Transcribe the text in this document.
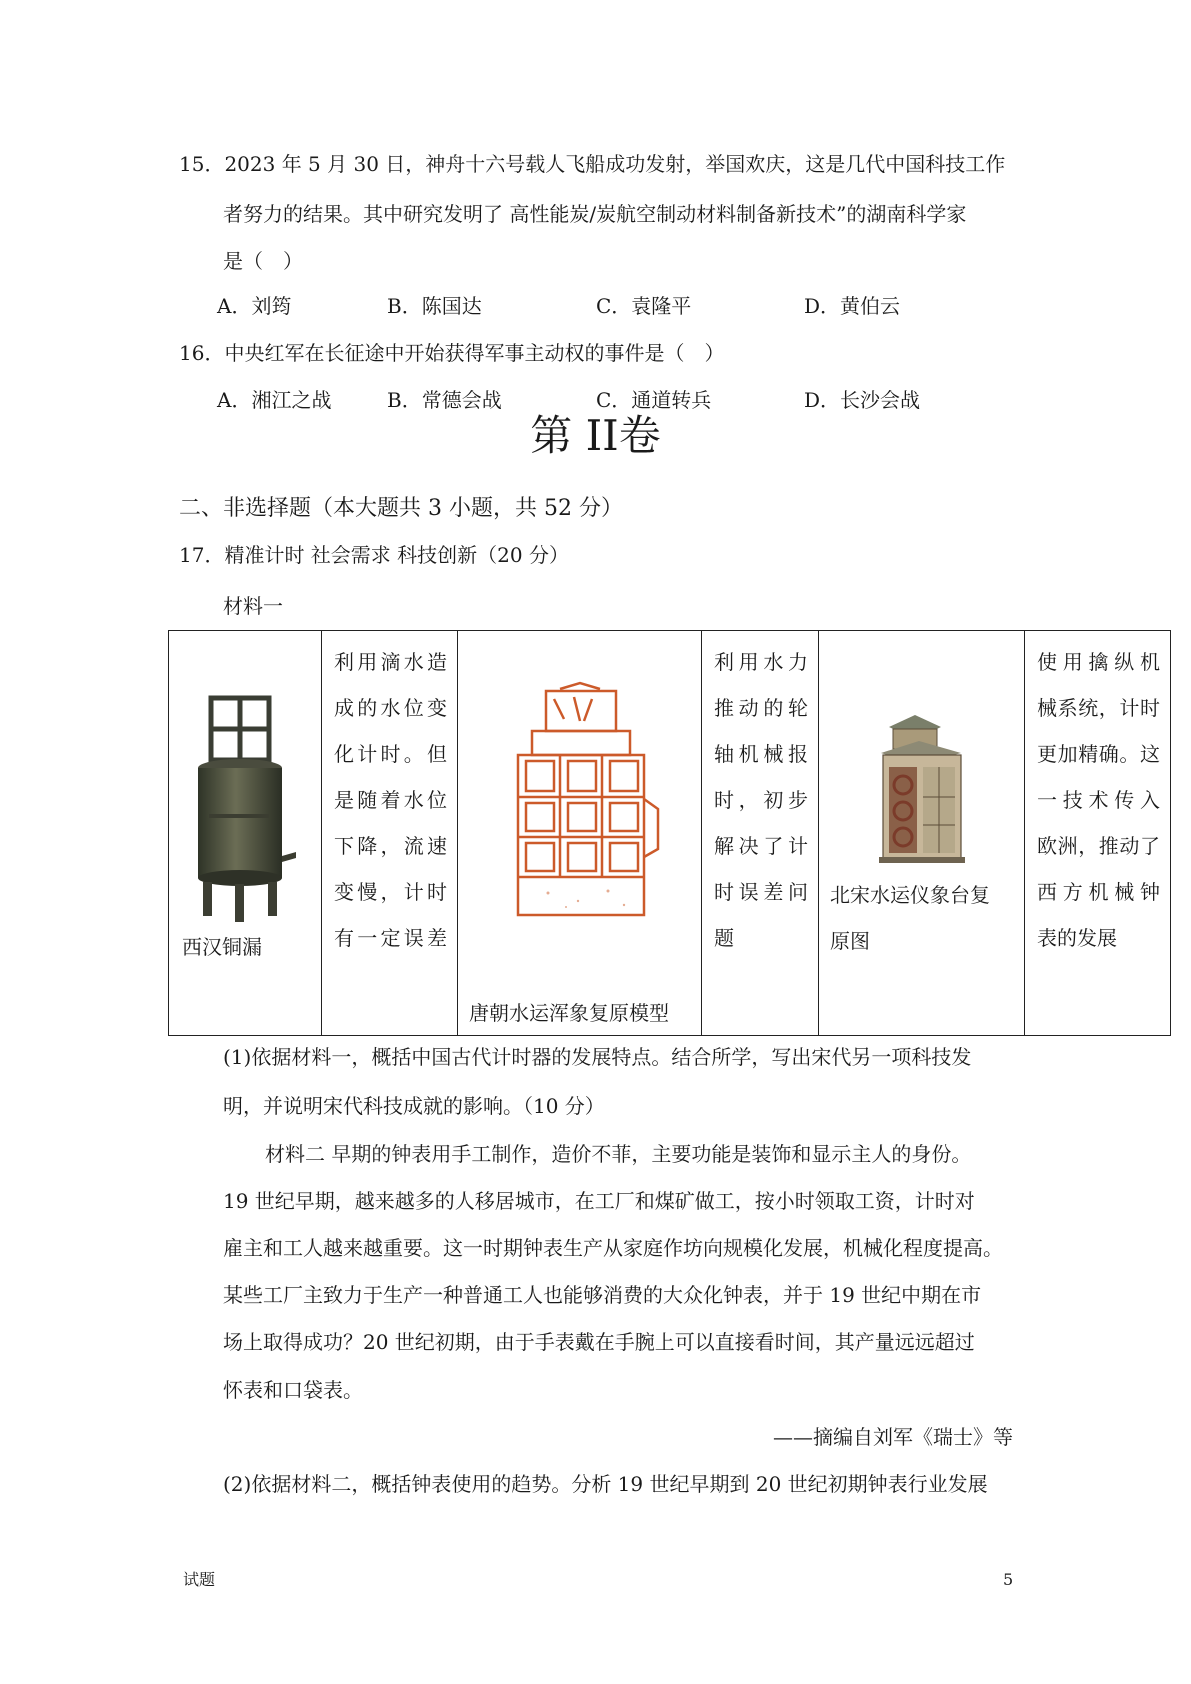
15．2023 年 5 月 30 日，神舟十六号载人飞船成功发射，举国欢庆，这是几代中国科技工作
者努力的结果。其中研究发明了 高性能炭/炭航空制动材料制备新技术”的湖南科学家
是（　）
A．刘筠	B．陈国达	C．袁隆平	D．黄伯云
16．中央红军在长征途中开始获得军事主动权的事件是（　）
A．湘江之战	B．常德会战	C．通道转兵	D．长沙会战
第 II卷
二、非选择题（本大题共 3 小题，共 52 分）
17．精准计时 社会需求 科技创新（20 分）
材料一
西汉铜漏

利用滴水造
成的水位变
化计时。但
是随着水位
下降，流速
变慢，计时
有一定误差

唐朝水运浑象复原模型

利用水力
推动的轮
轴机械报
时，初步
解决了计
时误差问
题

北宋水运仪象台复
原图

使用擒纵机
械系统，计时
更加精确。这
一技术传入
欧洲，推动了
西方机械钟
表的发展
(1)依据材料一，概括中国古代计时器的发展特点。结合所学，写出宋代另一项科技发
明，并说明宋代科技成就的影响。（10 分）
材料二 早期的钟表用手工制作，造价不菲，主要功能是装饰和显示主人的身份。
19 世纪早期，越来越多的人移居城市，在工厂和煤矿做工，按小时领取工资，计时对
雇主和工人越来越重要。这一时期钟表生产从家庭作坊向规模化发展，机械化程度提高。
某些工厂主致力于生产一种普通工人也能够消费的大众化钟表，并于 19 世纪中期在市
场上取得成功？20 世纪初期，由于手表戴在手腕上可以直接看时间，其产量远远超过
怀表和口袋表。
——摘编自刘军《瑞士》等
(2)依据材料二，概括钟表使用的趋势。分析 19 世纪早期到 20 世纪初期钟表行业发展
试题	5
